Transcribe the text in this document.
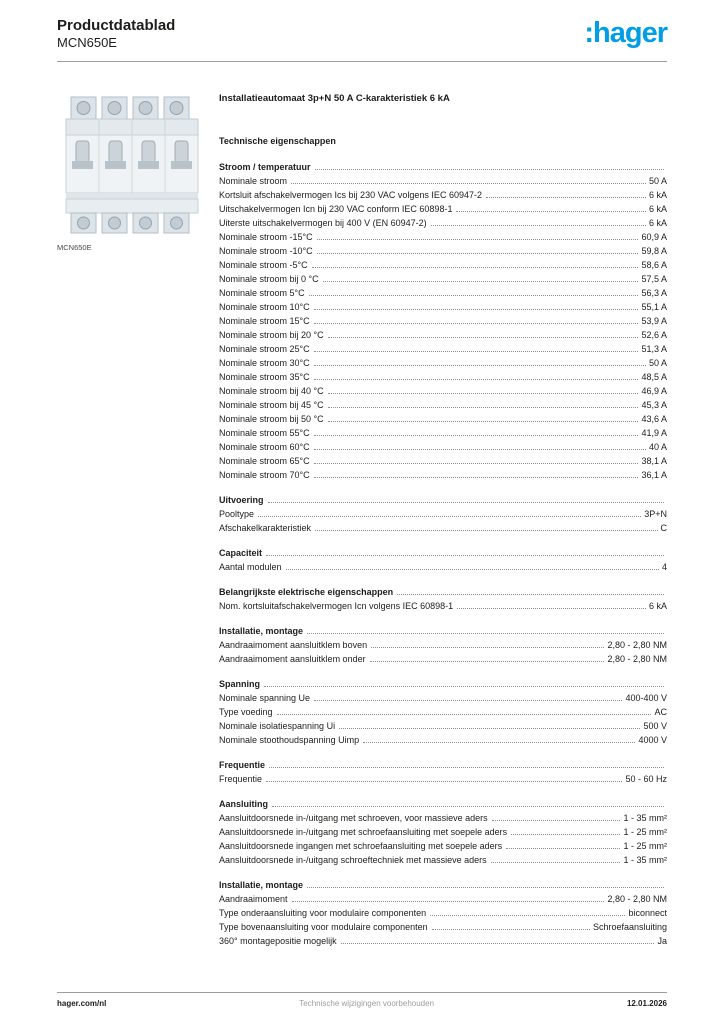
Productdatablad
MCN650E	:hager
MCN650E
Installatieautomaat 3p+N 50 A C-karakteristiek 6 kA
Technische eigenschappen
Stroom / temperatuur
Nominale stroom	50 A
Kortsluit afschakelvermogen Ics bij 230 VAC volgens IEC 60947-2	6 kA
Uitschakelvermogen Icn bij 230 VAC conform IEC 60898-1	6 kA
Uiterste uitschakelvermogen bij 400 V (EN 60947-2)	6 kA
Nominale stroom -15°C	60,9 A
Nominale stroom -10°C	59,8 A
Nominale stroom -5°C	58,6 A
Nominale stroom bij 0 °C	57,5 A
Nominale stroom 5°C	56,3 A
Nominale stroom 10°C	55,1 A
Nominale stroom 15°C	53,9 A
Nominale stroom bij 20 °C	52,6 A
Nominale stroom 25°C	51,3 A
Nominale stroom 30°C	50 A
Nominale stroom 35°C	48,5 A
Nominale stroom bij 40 °C	46,9 A
Nominale stroom bij 45 °C	45,3 A
Nominale stroom bij 50 °C	43,6 A
Nominale stroom 55°C	41,9 A
Nominale stroom 60°C	40 A
Nominale stroom 65°C	38,1 A
Nominale stroom 70°C	36,1 A
Uitvoering
Pooltype	3P+N
Afschakelkarakteristiek	C
Capaciteit
Aantal modulen	4
Belangrijkste elektrische eigenschappen
Nom. kortsluitafschakelvermogen Icn volgens IEC 60898-1	6 kA
Installatie, montage
Aandraaimoment aansluitklem boven	2,80 - 2,80 NM
Aandraaimoment aansluitklem onder	2,80 - 2,80 NM
Spanning
Nominale spanning Ue	400-400 V
Type voeding	AC
Nominale isolatiespanning Ui	500 V
Nominale stoothoudspanning Uimp	4000 V
Frequentie
Frequentie	50 - 60 Hz
Aansluiting
Aansluitdoorsnede in-/uitgang met schroeven, voor massieve aders	1 - 35 mm²
Aansluitdoorsnede in-/uitgang met schroefaansluiting met soepele aders	1 - 25 mm²
Aansluitdoorsnede ingangen met schroefaansluiting met soepele aders	1 - 25 mm²
Aansluitdoorsnede in-/uitgang schroeftechniek met massieve aders	1 - 35 mm²
Installatie, montage
Aandraaimoment	2,80 - 2,80 NM
Type onderaansluiting voor modulaire componenten	biconnect
Type bovenaansluiting voor modulaire componenten	Schroefaansluiting
360° montagepositie mogelijk	Ja
hager.com/nl	Technische wijzigingen voorbehouden	12.01.2026
